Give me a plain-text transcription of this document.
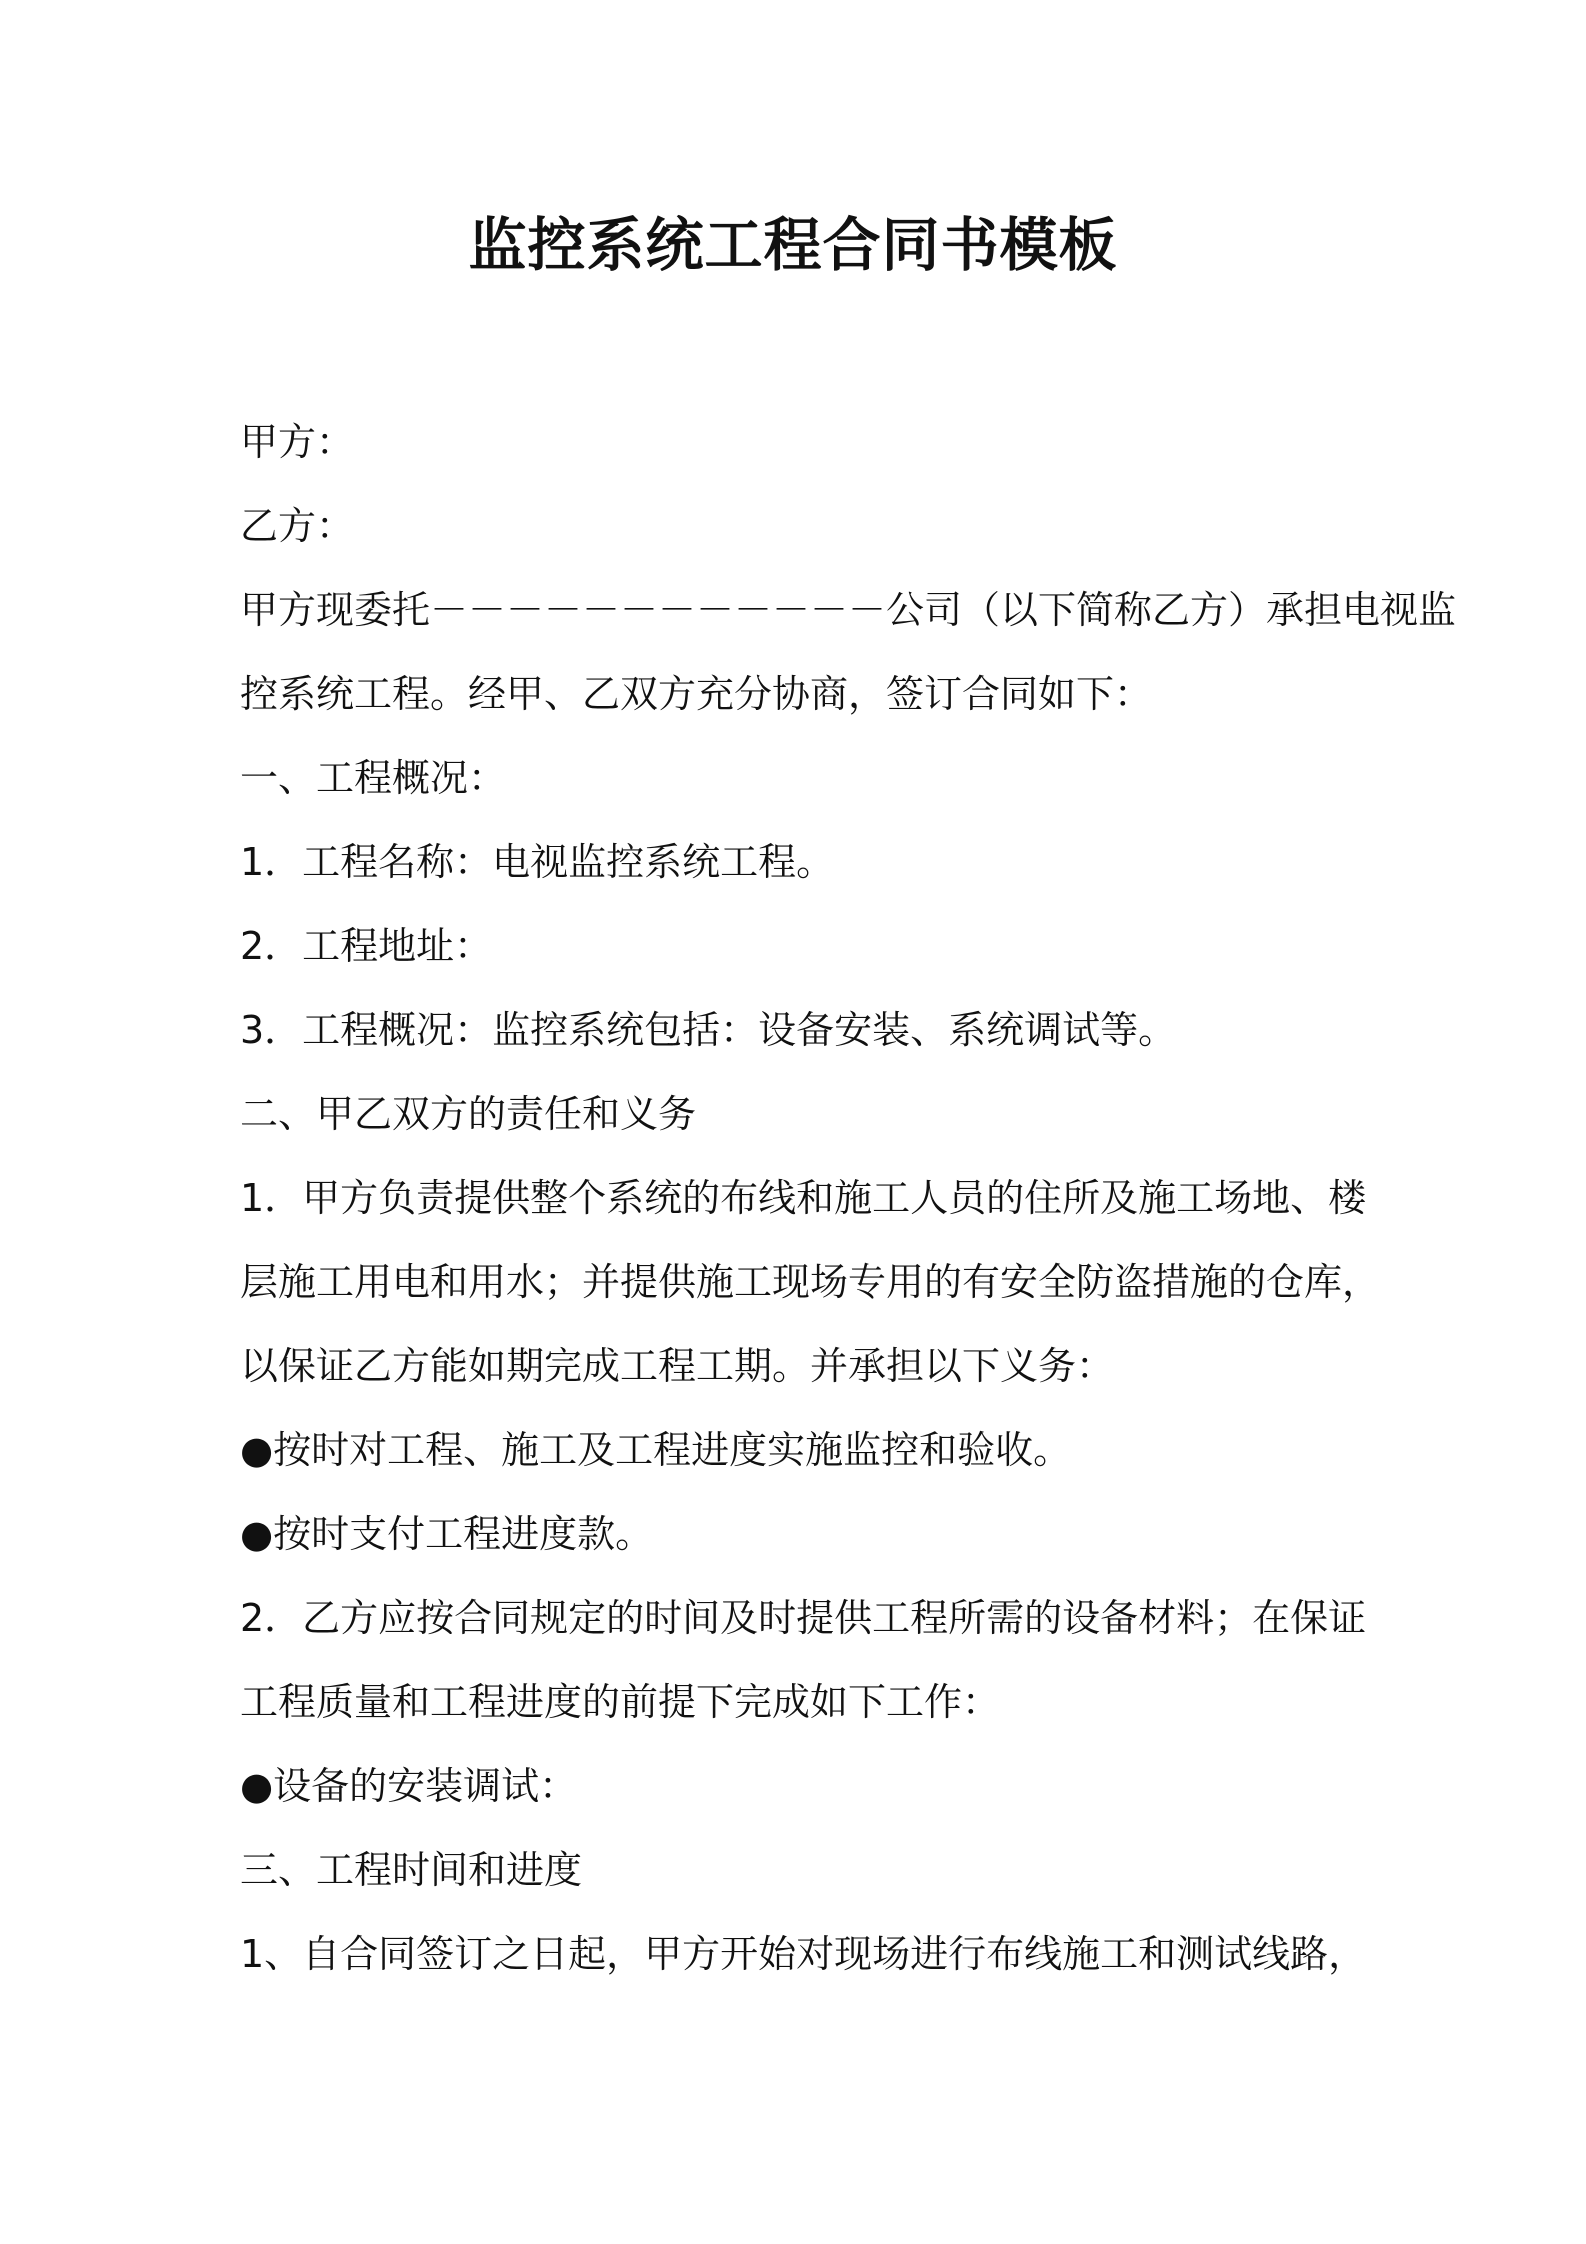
监控系统工程合同书模板
甲方：
乙方：
甲方现委托－－－－－－－－－－－－公司（以下简称乙方）承担电视监
控系统工程。经甲、乙双方充分协商，签订合同如下：
一、工程概况：
1．工程名称：电视监控系统工程。
2．工程地址：
3．工程概况：监控系统包括：设备安装、系统调试等。
二、甲乙双方的责任和义务
1．甲方负责提供整个系统的布线和施工人员的住所及施工场地、楼
层施工用电和用水；并提供施工现场专用的有安全防盗措施的仓库，
以保证乙方能如期完成工程工期。并承担以下义务：
●按时对工程、施工及工程进度实施监控和验收。
●按时支付工程进度款。
2．乙方应按合同规定的时间及时提供工程所需的设备材料；在保证
工程质量和工程进度的前提下完成如下工作：
●设备的安装调试：
三、工程时间和进度
1、自合同签订之日起，甲方开始对现场进行布线施工和测试线路，
